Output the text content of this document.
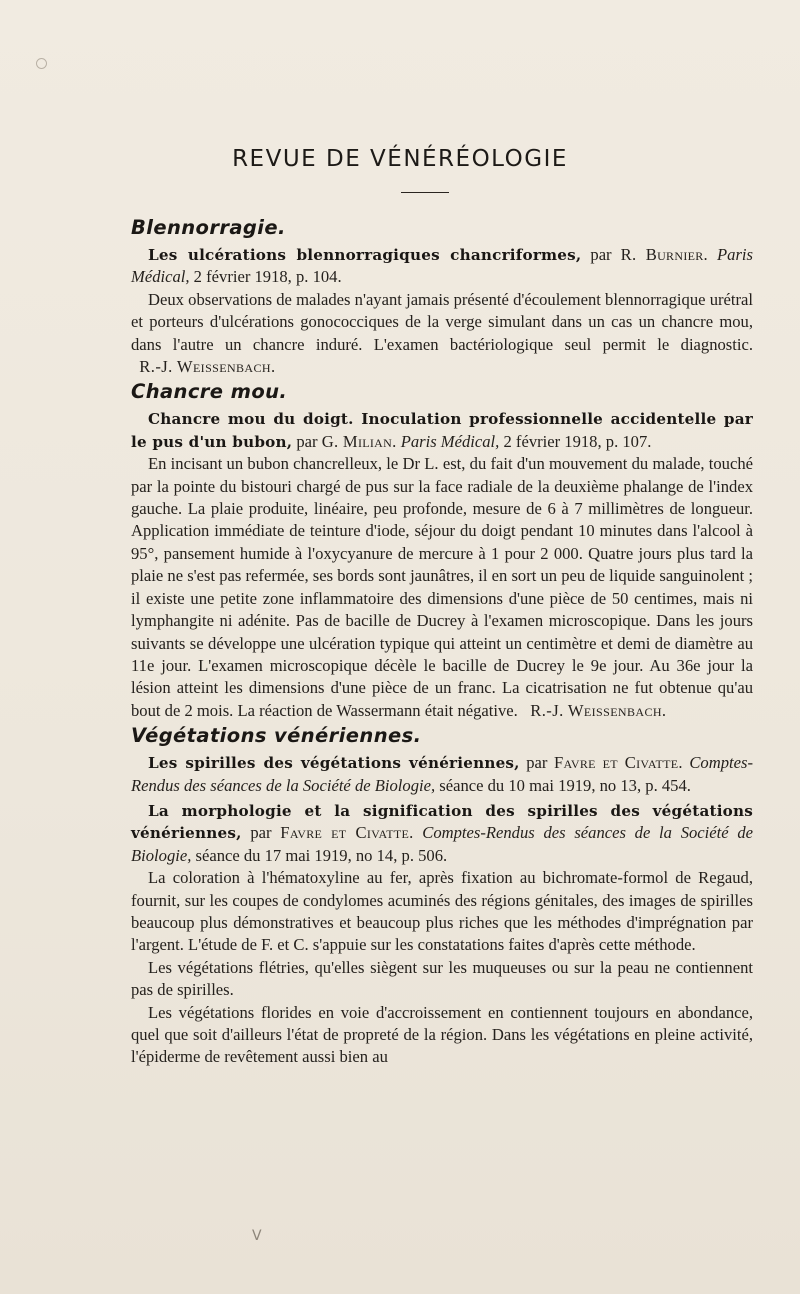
REVUE DE VÉNÉRÉOLOGIE
Blennorragie.

Les ulcérations blennorragiques chancriformes, par R. Burnier. Paris Médical, 2 février 1918, p. 104.

Deux observations de malades n'ayant jamais présenté d'écoulement blennorragique urétral et porteurs d'ulcérations gonococciques de la verge simulant dans un cas un chancre mou, dans l'autre un chancre induré. L'examen bactériologique seul permit le diagnostic.  R.-J. Weissenbach.

Chancre mou.

Chancre mou du doigt. Inoculation professionnelle accidentelle par le pus d'un bubon, par G. Milian. Paris Médical, 2 février 1918, p. 107.

En incisant un bubon chancrelleux, le Dr L. est, du fait d'un mouvement du malade, touché par la pointe du bistouri chargé de pus sur la face radiale de la deuxième phalange de l'index gauche. La plaie produite, linéaire, peu profonde, mesure de 6 à 7 millimètres de longueur. Application immédiate de teinture d'iode, séjour du doigt pendant 10 minutes dans l'alcool à 95°, pansement humide à l'oxycyanure de mercure à 1 pour 2 000. Quatre jours plus tard la plaie ne s'est pas refermée, ses bords sont jaunâtres, il en sort un peu de liquide sanguinolent ; il existe une petite zone inflammatoire des dimensions d'une pièce de 50 centimes, mais ni lymphangite ni adénite. Pas de bacille de Ducrey à l'examen microscopique. Dans les jours suivants se développe une ulcération typique qui atteint un centimètre et demi de diamètre au 11e jour. L'examen microscopique décèle le bacille de Ducrey le 9e jour. Au 36e jour la lésion atteint les dimensions d'une pièce de un franc. La cicatrisation ne fut obtenue qu'au bout de 2 mois. La réaction de Wassermann était négative.   R.-J. Weissenbach.

Végétations vénériennes.

Les spirilles des végétations vénériennes, par Favre et Civatte. Comptes-Rendus des séances de la Société de Biologie, séance du 10 mai 1919, no 13, p. 454.

La morphologie et la signification des spirilles des végétations vénériennes, par Favre et Civatte. Comptes-Rendus des séances de la Société de Biologie, séance du 17 mai 1919, no 14, p. 506.

La coloration à l'hématoxyline au fer, après fixation au bichromate-formol de Regaud, fournit, sur les coupes de condylomes acuminés des régions génitales, des images de spirilles beaucoup plus démonstratives et beaucoup plus riches que les méthodes d'imprégnation par l'argent. L'étude de F. et C. s'appuie sur les constatations faites d'après cette méthode.

Les végétations flétries, qu'elles siègent sur les muqueuses ou sur la peau ne contiennent pas de spirilles.

Les végétations florides en voie d'accroissement en contiennent toujours en abondance, quel que soit d'ailleurs l'état de propreté de la région. Dans les végétations en pleine activité, l'épiderme de revêtement aussi bien au

V
